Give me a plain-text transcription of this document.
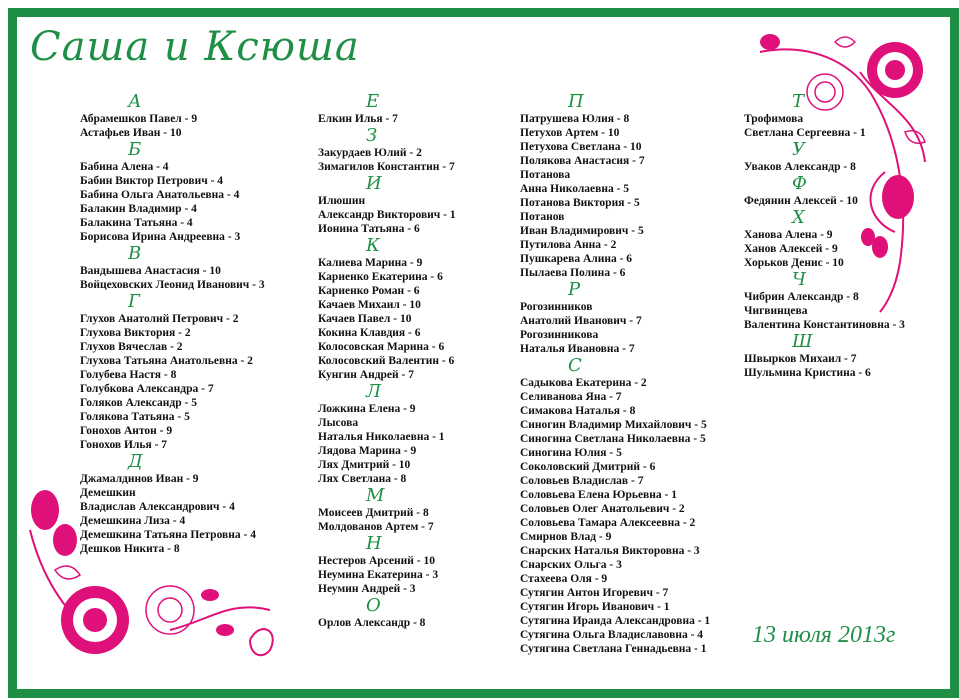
Саша и Ксюша
А
Абрамешков Павел - 9
Астафьев Иван - 10
Б
Бабина Алена - 4
Бабин Виктор Петрович - 4
Бабина Ольга Анатольевна - 4
Балакин Владимир - 4
Балакина Татьяна - 4
Борисова Ирина Андреевна - 3
В
Вандышева Анастасия - 10
Войцеховских Леонид Иванович - 3
Г
Глухов Анатолий Петрович - 2
Глухова Виктория - 2
Глухов Вячеслав - 2
Глухова Татьяна Анатольевна - 2
Голубева Настя - 8
Голубкова Александра - 7
Голяков Александр - 5
Голякова Татьяна - 5
Гонохов Антон - 9
Гонохов Илья - 7
Д
Джамалдинов Иван - 9
Демешкин
Владислав Александрович - 4
Демешкина Лиза - 4
Демешкина Татьяна Петровна - 4
Дешков Никита - 8
Е
Елкин Илья - 7
З
Закурдаев Юлий - 2
Зимагилов Константин - 7
И
Илюшин
Александр Викторович - 1
Ионина Татьяна - 6
К
Калиева Марина - 9
Кариенко Екатерина - 6
Кариенко Роман - 6
Качаев Михаил - 10
Качаев Павел - 10
Кокина Клавдия - 6
Колосовская Марина - 6
Колосовский Валентин - 6
Кунгин Андрей - 7
Л
Ложкина Елена - 9
Лысова
Наталья Николаевна - 1
Лядова Марина - 9
Лях Дмитрий - 10
Лях Светлана - 8
М
Моисеев Дмитрий - 8
Молдованов Артем - 7
Н
Нестеров Арсений - 10
Неумина Екатерина - 3
Неумин Андрей - 3
О
Орлов Александр - 8
П
Патрушева Юлия - 8
Петухов Артем - 10
Петухова Светлана - 10
Полякова Анастасия - 7
Потанова
Анна Николаевна - 5
Потанова Виктория - 5
Потанов
Иван Владимирович - 5
Путилова Анна - 2
Пушкарева Алина - 6
Пылаева Полина - 6
Р
Рогозинников
Анатолий Иванович - 7
Рогозинникова
Наталья Ивановна - 7
С
Садыкова Екатерина - 2
Селиванова Яна - 7
Симакова Наталья - 8
Синогин Владимир Михайлович - 5
Синогина Светлана Николаевна - 5
Синогина Юлия - 5
Соколовский Дмитрий - 6
Соловьев Владислав - 7
Соловьева Елена Юрьевна - 1
Соловьев Олег Анатольевич - 2
Соловьева Тамара Алексеевна - 2
Смирнов Влад - 9
Снарских Наталья Викторовна - 3
Снарских Ольга - 3
Стахеева Оля - 9
Сутягин Антон Игоревич - 7
Сутягин Игорь Иванович - 1
Сутягина Ираида Александровна - 1
Сутягина Ольга Владиславовна - 4
Сутягина Светлана Геннадьевна - 1
Т
Трофимова
Светлана Сергеевна - 1
У
Уваков Александр - 8
Ф
Федянин Алексей - 10
Х
Ханова Алена - 9
Ханов Алексей - 9
Хорьков Денис - 10
Ч
Чибрин Александр - 8
Чигвинцева
Валентина Константиновна - 3
Ш
Швырков Михаил - 7
Шульмина Кристина - 6
13 июля 2013г
